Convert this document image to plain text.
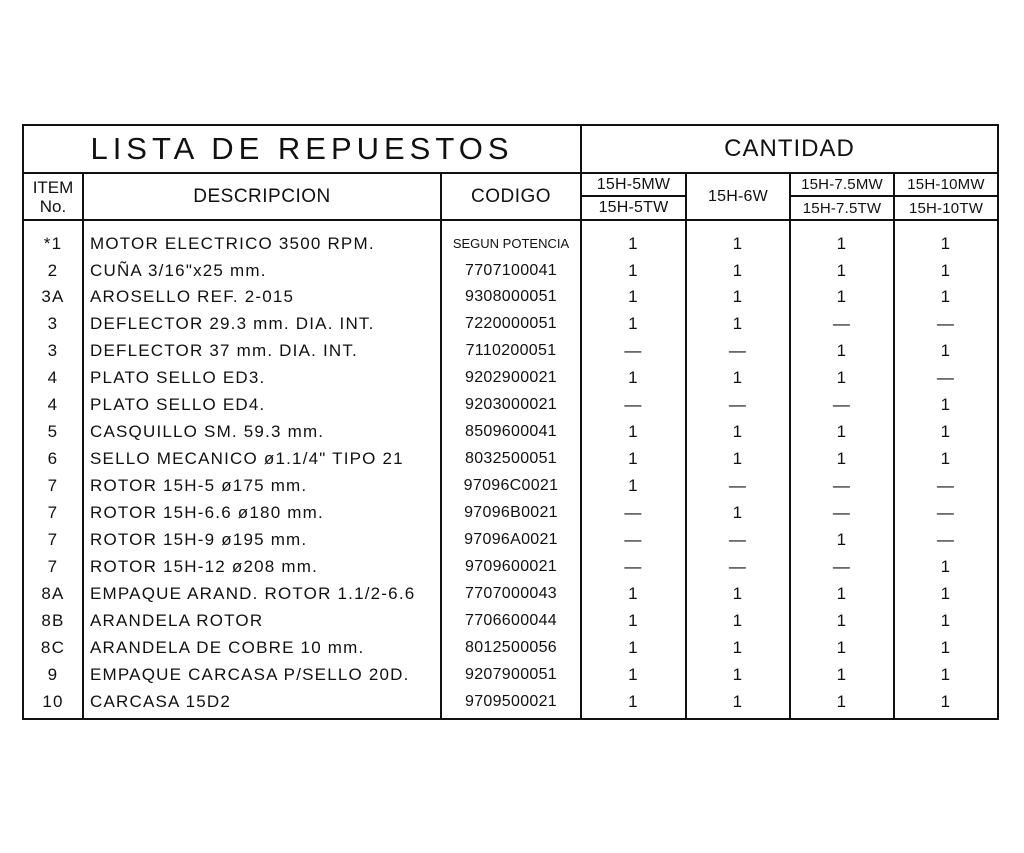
LISTA DE REPUESTOS	CANTIDAD
ITEM
No.	DESCRIPCION	CODIGO
15H-5MW
15H-5TW
15H-6W
15H-7.5MW
15H-7.5TW
15H-10MW
15H-10TW
*1	MOTOR ELECTRICO 3500 RPM.	SEGUN POTENCIA	1	1	1	1
2	CUÑA 3/16"x25 mm.	7707100041	1	1	1	1
3A	AROSELLO REF. 2-015	9308000051	1	1	1	1
3	DEFLECTOR 29.3 mm. DIA. INT.	7220000051	1	1	—	—
3	DEFLECTOR 37 mm. DIA. INT.	7110200051	—	—	1	1
4	PLATO SELLO ED3.	9202900021	1	1	1	—
4	PLATO SELLO ED4.	9203000021	—	—	—	1
5	CASQUILLO SM. 59.3 mm.	8509600041	1	1	1	1
6	SELLO MECANICO ø1.1/4" TIPO 21	8032500051	1	1	1	1
7	ROTOR 15H-5 ø175 mm.	97096C0021	1	—	—	—
7	ROTOR 15H-6.6 ø180 mm.	97096B0021	—	1	—	—
7	ROTOR 15H-9 ø195 mm.	97096A0021	—	—	1	—
7	ROTOR 15H-12 ø208 mm.	9709600021	—	—	—	1
8A	EMPAQUE ARAND. ROTOR 1.1/2-6.6	7707000043	1	1	1	1
8B	ARANDELA ROTOR	7706600044	1	1	1	1
8C	ARANDELA DE COBRE 10 mm.	8012500056	1	1	1	1
9	EMPAQUE CARCASA P/SELLO 20D.	9207900051	1	1	1	1
10	CARCASA 15D2	9709500021	1	1	1	1
